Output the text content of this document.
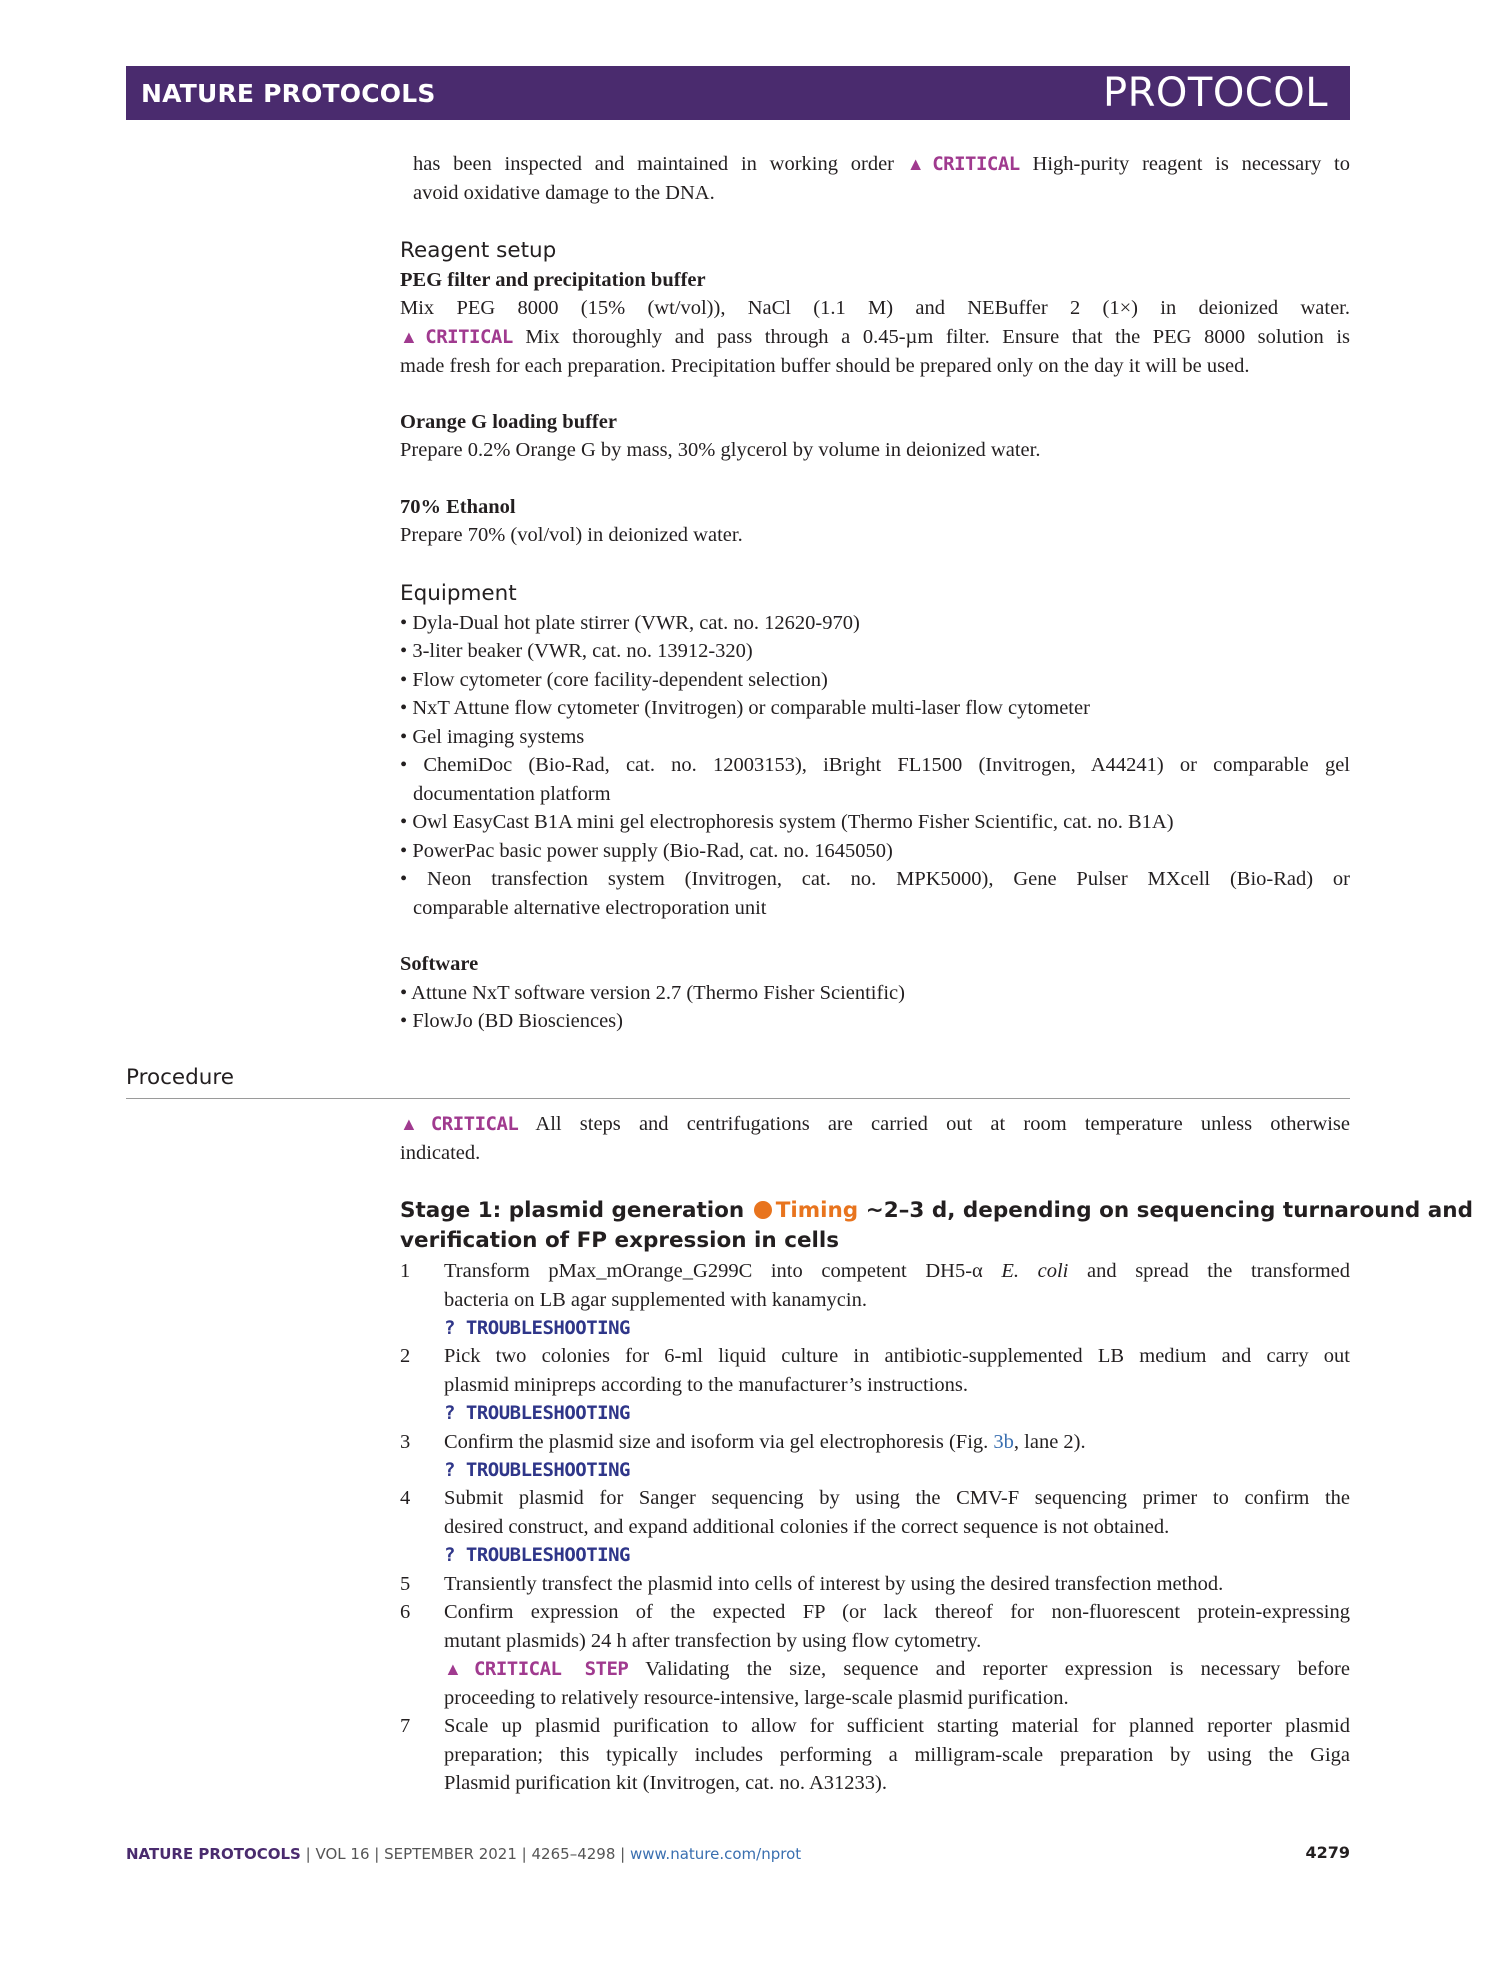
NATURE PROTOCOLS	PROTOCOL
has been inspected and maintained in working order ▲CRITICAL High-purity reagent is necessary to
avoid oxidative damage to the DNA.
Reagent setup
PEG filter and precipitation buffer
Mix PEG 8000 (15% (wt/vol)), NaCl (1.1 M) and NEBuffer 2 (1×) in deionized water.
▲CRITICAL Mix thoroughly and pass through a 0.45-µm filter. Ensure that the PEG 8000 solution is
made fresh for each preparation. Precipitation buffer should be prepared only on the day it will be used.
Orange G loading buffer
Prepare 0.2% Orange G by mass, 30% glycerol by volume in deionized water.
70% Ethanol
Prepare 70% (vol/vol) in deionized water.
Equipment
• Dyla-Dual hot plate stirrer (VWR, cat. no. 12620-970)
• 3-liter beaker (VWR, cat. no. 13912-320)
• Flow cytometer (core facility-dependent selection)
• NxT Attune flow cytometer (Invitrogen) or comparable multi-laser flow cytometer
• Gel imaging systems
• ChemiDoc (Bio-Rad, cat. no. 12003153), iBright FL1500 (Invitrogen, A44241) or comparable gel
documentation platform
• Owl EasyCast B1A mini gel electrophoresis system (Thermo Fisher Scientific, cat. no. B1A)
• PowerPac basic power supply (Bio-Rad, cat. no. 1645050)
• Neon transfection system (Invitrogen, cat. no. MPK5000), Gene Pulser MXcell (Bio-Rad) or
comparable alternative electroporation unit
Software
• Attune NxT software version 2.7 (Thermo Fisher Scientific)
• FlowJo (BD Biosciences)
Procedure
▲CRITICAL All steps and centrifugations are carried out at room temperature unless otherwise
indicated.
Stage 1: plasmid generation Timing ~2–3 d, depending on sequencing turnaround and
verification of FP expression in cells
1 Transform pMax_mOrange_G299C into competent DH5-α E. coli and spread the transformed
bacteria on LB agar supplemented with kanamycin.
? TROUBLESHOOTING
2 Pick two colonies for 6-ml liquid culture in antibiotic-supplemented LB medium and carry out
plasmid minipreps according to the manufacturer’s instructions.
? TROUBLESHOOTING
3 Confirm the plasmid size and isoform via gel electrophoresis (Fig. 3b, lane 2).
? TROUBLESHOOTING
4 Submit plasmid for Sanger sequencing by using the CMV-F sequencing primer to confirm the
desired construct, and expand additional colonies if the correct sequence is not obtained.
? TROUBLESHOOTING
5 Transiently transfect the plasmid into cells of interest by using the desired transfection method.
6 Confirm expression of the expected FP (or lack thereof for non-fluorescent protein-expressing
mutant plasmids) 24 h after transfection by using flow cytometry.
▲CRITICAL STEP Validating the size, sequence and reporter expression is necessary before
proceeding to relatively resource-intensive, large-scale plasmid purification.
7 Scale up plasmid purification to allow for sufficient starting material for planned reporter plasmid
preparation; this typically includes performing a milligram-scale preparation by using the Giga
Plasmid purification kit (Invitrogen, cat. no. A31233).
NATURE PROTOCOLS | VOL 16 | SEPTEMBER 2021 | 4265–4298 | www.nature.com/nprot	4279
